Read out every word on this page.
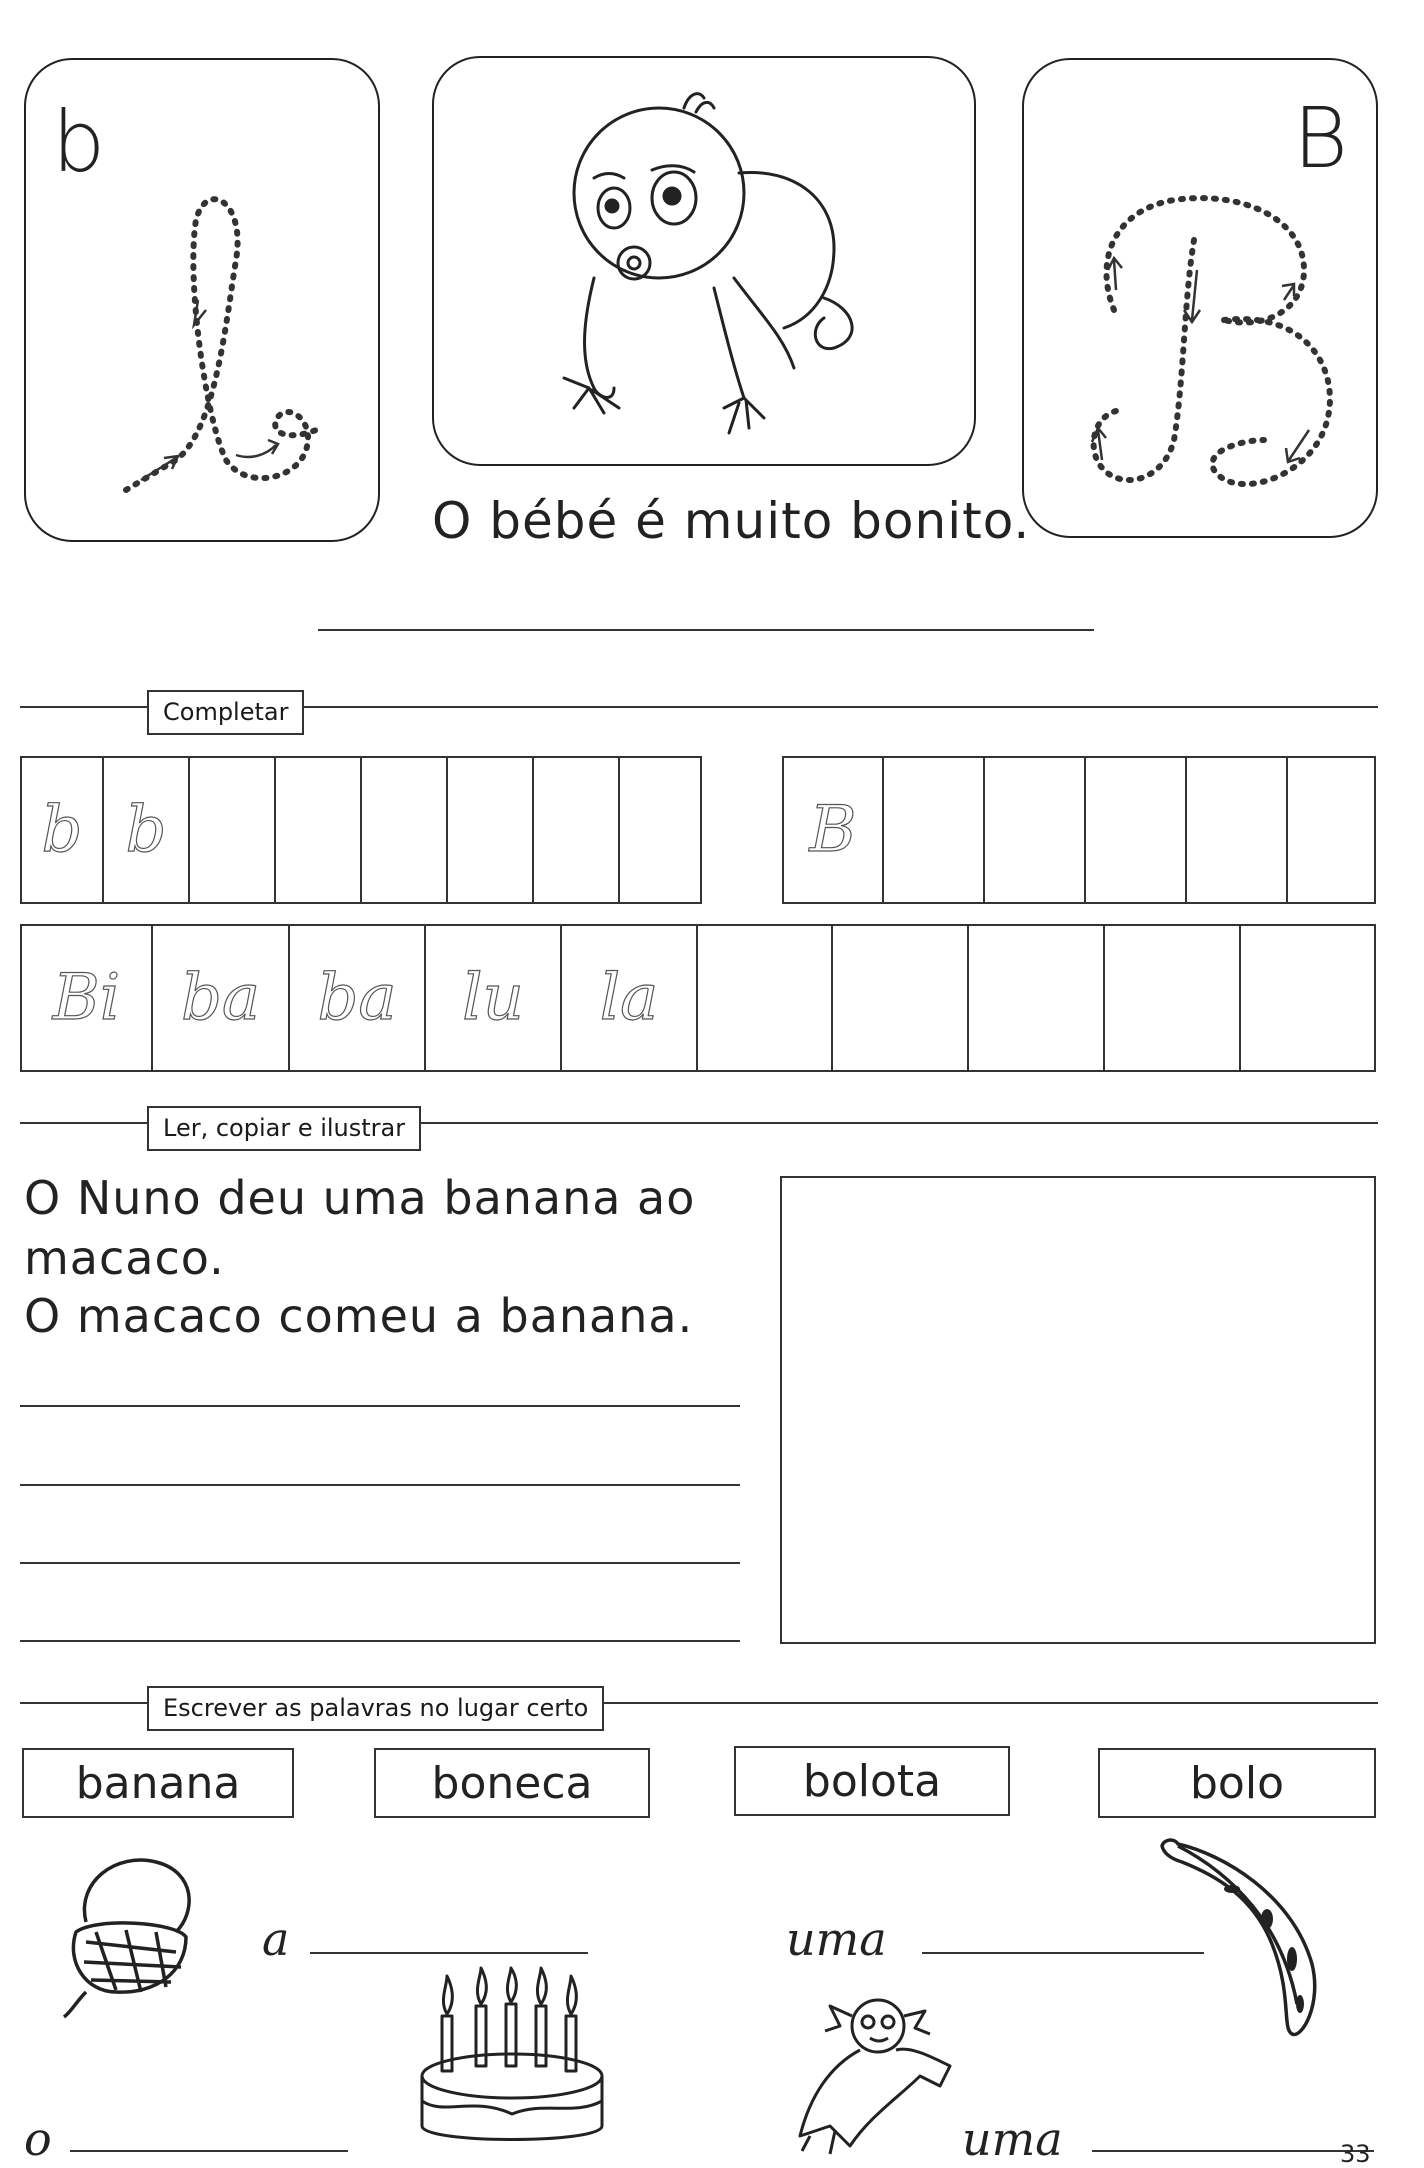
b
O bébé é muito bonito.
B
Completar
b b	B
Bi ba ba lu la
Ler, copiar e ilustrar
O Nuno deu uma banana ao
macaco.
O macaco comeu a banana.
Escrever as palavras no lugar certo
banana	boneca	bolota	bolo
a	uma
o	uma	33
